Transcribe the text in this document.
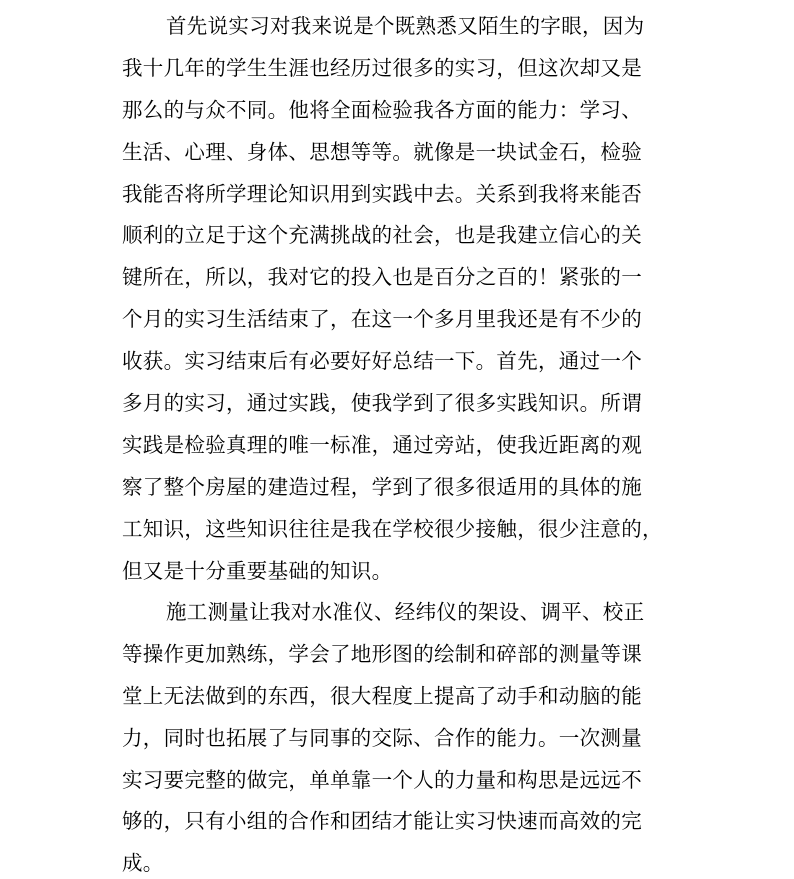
首先说实习对我来说是个既熟悉又陌生的字眼，因为
我十几年的学生生涯也经历过很多的实习，但这次却又是
那么的与众不同。他将全面检验我各方面的能力：学习、
生活、心理、身体、思想等等。就像是一块试金石，检验
我能否将所学理论知识用到实践中去。关系到我将来能否
顺利的立足于这个充满挑战的社会，也是我建立信心的关
键所在，所以，我对它的投入也是百分之百的！紧张的一
个月的实习生活结束了，在这一个多月里我还是有不少的
收获。实习结束后有必要好好总结一下。首先，通过一个
多月的实习，通过实践，使我学到了很多实践知识。所谓
实践是检验真理的唯一标准，通过旁站，使我近距离的观
察了整个房屋的建造过程，学到了很多很适用的具体的施
工知识，这些知识往往是我在学校很少接触，很少注意的，
但又是十分重要基础的知识。
施工测量让我对水准仪、经纬仪的架设、调平、校正
等操作更加熟练，学会了地形图的绘制和碎部的测量等课
堂上无法做到的东西，很大程度上提高了动手和动脑的能
力，同时也拓展了与同事的交际、合作的能力。一次测量
实习要完整的做完，单单靠一个人的力量和构思是远远不
够的，只有小组的合作和团结才能让实习快速而高效的完
成。
